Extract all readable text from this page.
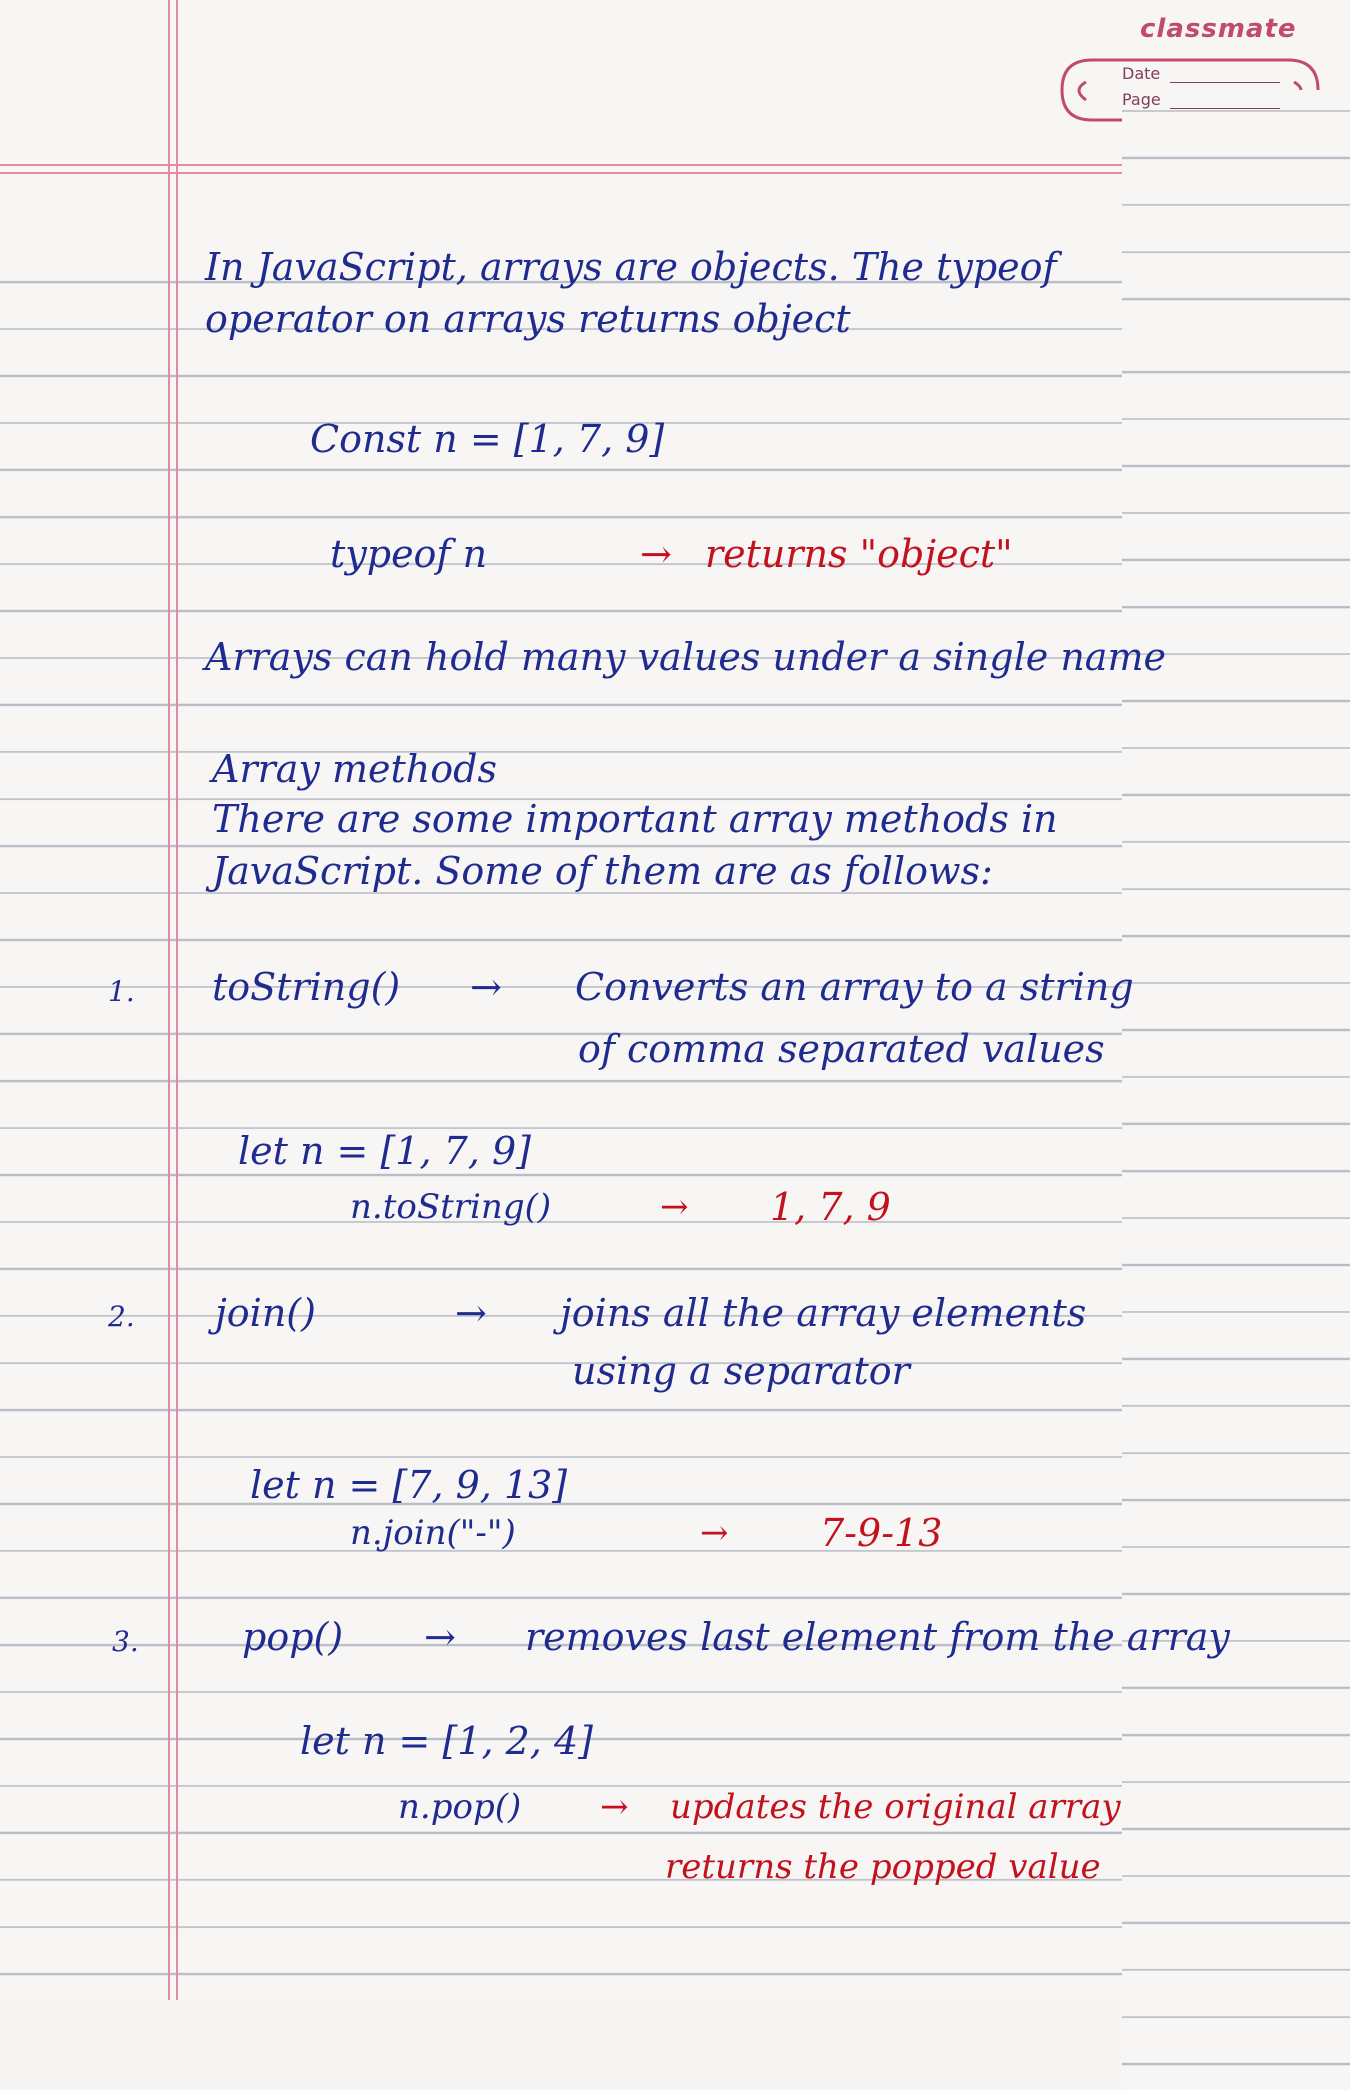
classmate
Date
Page
In JavaScript, arrays are objects. The typeof
operator on arrays returns object
Const n = [1, 7, 9]
typeof n	→ returns "object"
Arrays can hold many values under a single name
Array methods
There are some important array methods in
JavaScript. Some of them are as follows:
1. toString() → Converts an array to a string
of comma separated values
let n = [1, 7, 9]
n.toString()	→ 1, 7, 9
2. join()	→ joins all the array elements
using a separator
let n = [7, 9, 13]
n.join("-")	→ 7-9-13
3.	pop() → removes last element from the array
let n = [1, 2, 4]
n.pop() → updates the original array
returns the popped value
